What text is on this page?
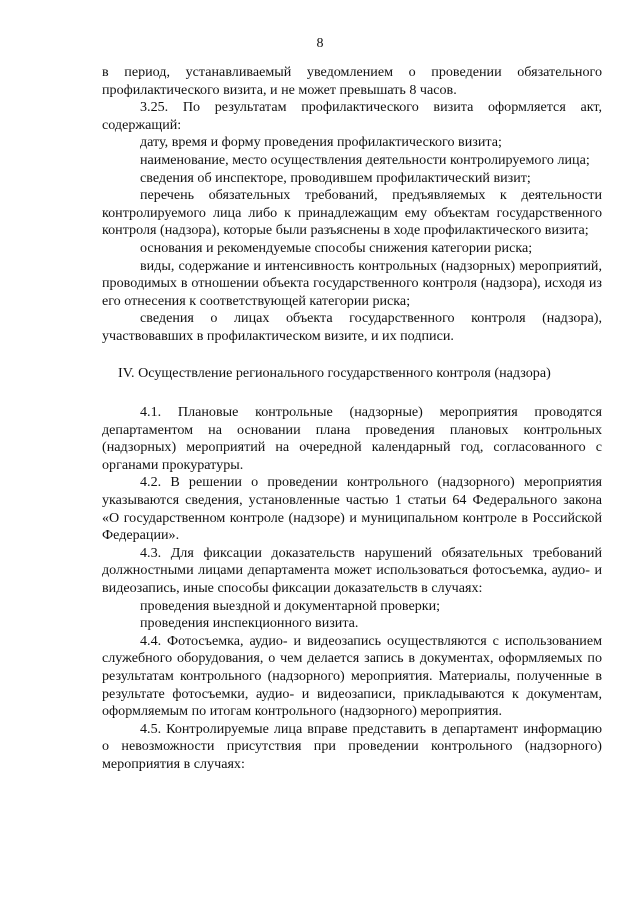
8

в период, устанавливаемый уведомлением о проведении обязательного профилактического визита, и не может превышать 8 часов.

3.25. По результатам профилактического визита оформляется акт, содержащий:

дату, время и форму проведения профилактического визита;

наименование, место осуществления деятельности контролируемого лица;

сведения об инспекторе, проводившем профилактический визит;

перечень обязательных требований, предъявляемых к деятельности контролируемого лица либо к принадлежащим ему объектам государственного контроля (надзора), которые были разъяснены в ходе профилактического визита;

основания и рекомендуемые способы снижения категории риска;

виды, содержание и интенсивность контрольных (надзорных) мероприятий, проводимых в отношении объекта государственного контроля (надзора), исходя из его отнесения к соответствующей категории риска;

сведения о лицах объекта государственного контроля (надзора), участвовавших в профилактическом визите, и их подписи.

IV. Осуществление регионального государственного контроля (надзора)

4.1. Плановые контрольные (надзорные) мероприятия проводятся департаментом на основании плана проведения плановых контрольных (надзорных) мероприятий на очередной календарный год, согласованного с органами прокуратуры.

4.2. В решении о проведении контрольного (надзорного) мероприятия указываются сведения, установленные частью 1 статьи 64 Федерального закона «О государственном контроле (надзоре) и муниципальном контроле в Российской Федерации».

4.3. Для фиксации доказательств нарушений обязательных требований должностными лицами департамента может использоваться фотосъемка, аудио- и видеозапись, иные способы фиксации доказательств в случаях:

проведения выездной и документарной проверки;

проведения инспекционного визита.

4.4. Фотосъемка, аудио- и видеозапись осуществляются с использованием служебного оборудования, о чем делается запись в документах, оформляемых по результатам контрольного (надзорного) мероприятия. Материалы, полученные в результате фотосъемки, аудио- и видеозаписи, прикладываются к документам, оформляемым по итогам контрольного (надзорного) мероприятия.

4.5. Контролируемые лица вправе представить в департамент информацию о невозможности присутствия при проведении контрольного (надзорного) мероприятия в случаях:
